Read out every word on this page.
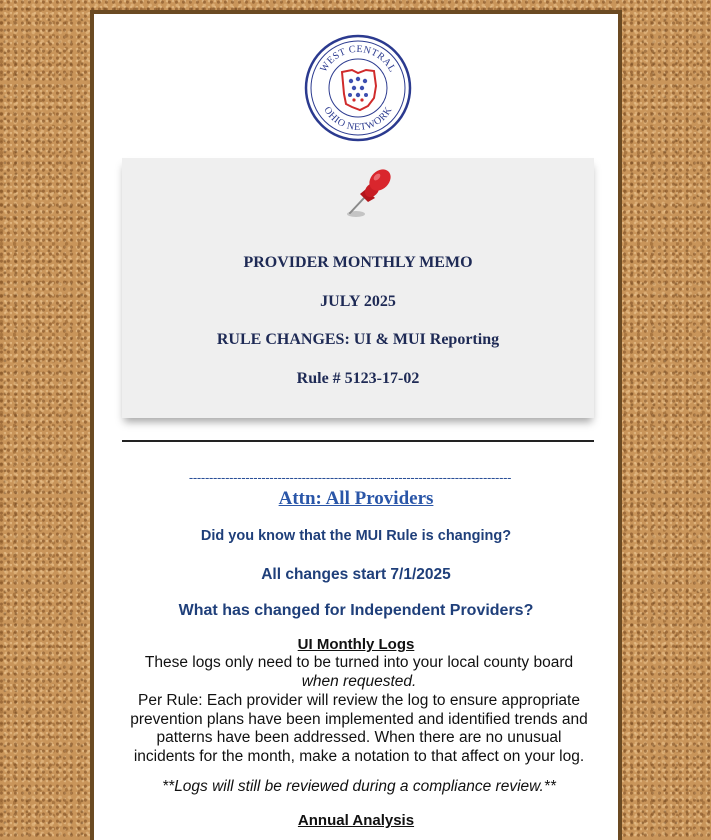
WEST CENTRAL
OHIO NETWORK
PROVIDER MONTHLY MEMO
JULY 2025
RULE CHANGES: UI & MUI Reporting
Rule # 5123-17-02
--------------------------------------------------------------------------------
Attn: All Providers
Did you know that the MUI Rule is changing?
All changes start 7/1/2025
What has changed for Independent Providers?
UI Monthly Logs
These logs only need to be turned into your local county board
when requested.
Per Rule: Each provider will review the log to ensure appropriate prevention plans have been implemented and identified trends and patterns have been addressed. When there are no unusual incidents for the month, make a notation to that affect on your log.
**Logs will still be reviewed during a compliance review.**
Annual Analysis
